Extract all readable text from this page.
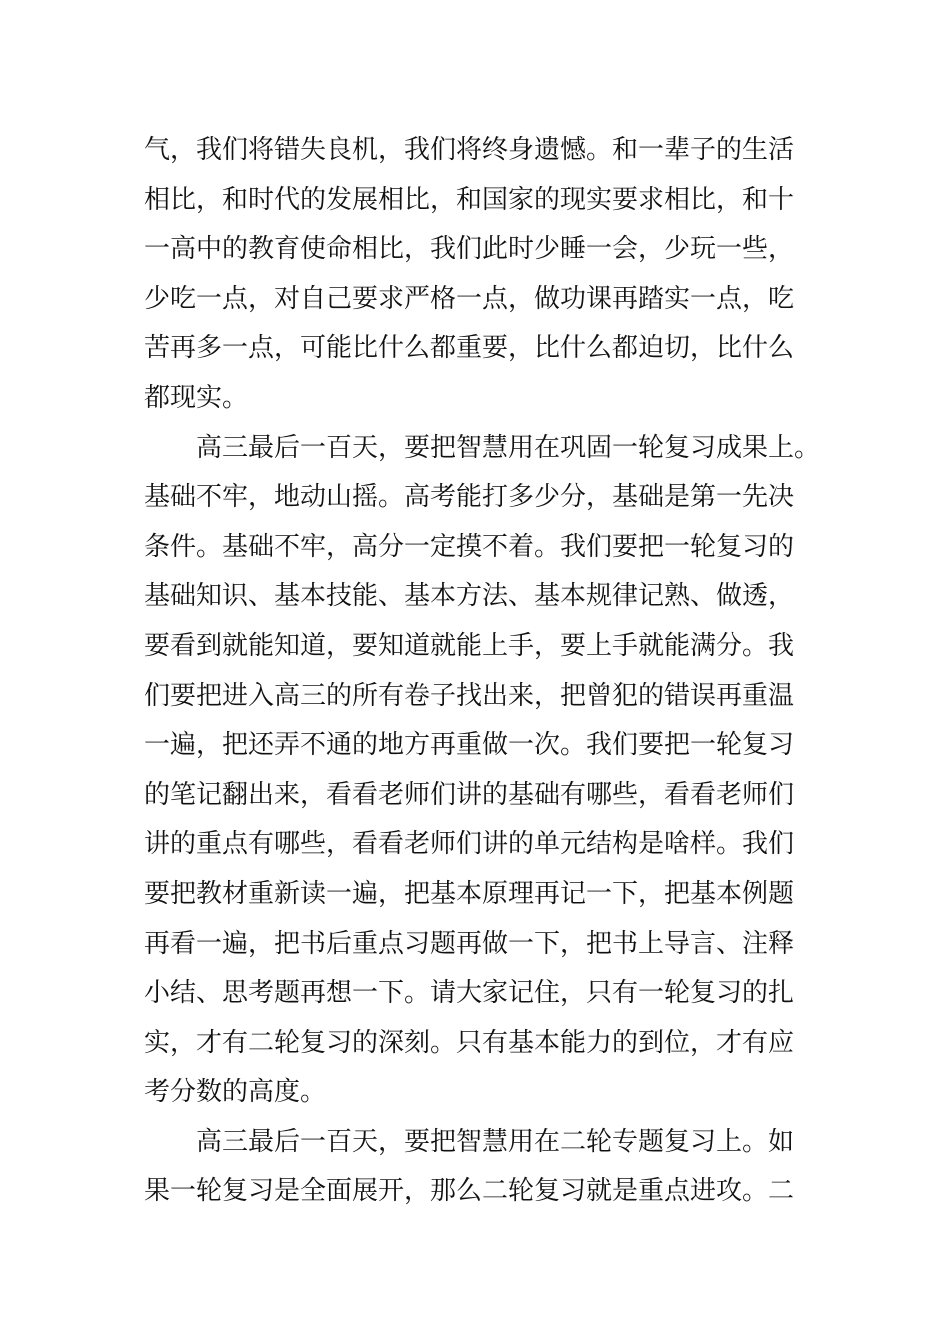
气，我们将错失良机，我们将终身遗憾。和一辈子的生活
相比，和时代的发展相比，和国家的现实要求相比，和十
一高中的教育使命相比，我们此时少睡一会，少玩一些，
少吃一点，对自己要求严格一点，做功课再踏实一点，吃
苦再多一点，可能比什么都重要，比什么都迫切，比什么
都现实。
高三最后一百天，要把智慧用在巩固一轮复习成果上。
基础不牢，地动山摇。高考能打多少分，基础是第一先决
条件。基础不牢，高分一定摸不着。我们要把一轮复习的
基础知识、基本技能、基本方法、基本规律记熟、做透，
要看到就能知道，要知道就能上手，要上手就能满分。我
们要把进入高三的所有卷子找出来，把曾犯的错误再重温
一遍，把还弄不通的地方再重做一次。我们要把一轮复习
的笔记翻出来，看看老师们讲的基础有哪些，看看老师们
讲的重点有哪些，看看老师们讲的单元结构是啥样。我们
要把教材重新读一遍，把基本原理再记一下，把基本例题
再看一遍，把书后重点习题再做一下，把书上导言、注释
小结、思考题再想一下。请大家记住，只有一轮复习的扎
实，才有二轮复习的深刻。只有基本能力的到位，才有应
考分数的高度。
高三最后一百天，要把智慧用在二轮专题复习上。如
果一轮复习是全面展开，那么二轮复习就是重点进攻。二
